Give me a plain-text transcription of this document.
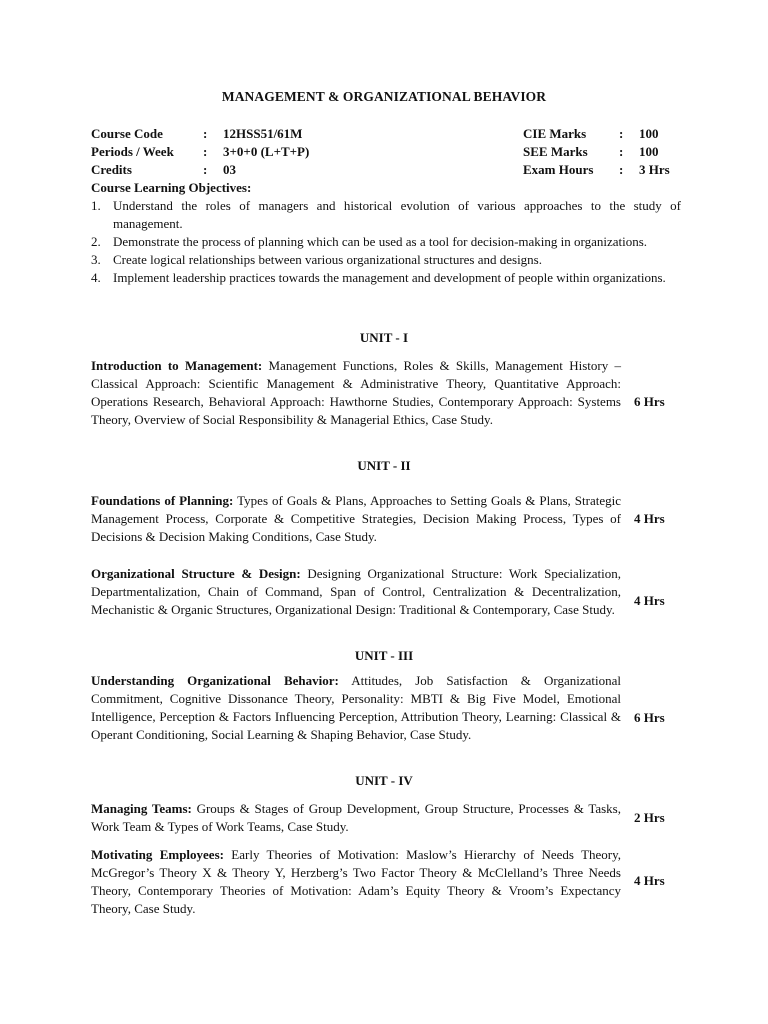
MANAGEMENT & ORGANIZATIONAL BEHAVIOR
Course Code	: 12HSS51/61M	CIE Marks	: 100
Periods / Week : 3+0+0 (L+T+P)	SEE Marks : 100
Credits	: 03	Exam Hours : 3 Hrs
Course Learning Objectives:
1. Understand the roles of managers and historical evolution of various approaches to the study of management.
2. Demonstrate the process of planning which can be used as a tool for decision-making in organizations.
3. Create logical relationships between various organizational structures and designs.
4. Implement leadership practices towards the management and development of people within organizations.
UNIT - I
Introduction to Management: Management Functions, Roles & Skills, Management History – Classical Approach: Scientific Management & Administrative Theory, Quantitative Approach: Operations Research, Behavioral Approach: Hawthorne Studies, Contemporary Approach: Systems Theory, Overview of Social Responsibility & Managerial Ethics, Case Study.
6 Hrs
UNIT - II
Foundations of Planning: Types of Goals & Plans, Approaches to Setting Goals & Plans, Strategic Management Process, Corporate & Competitive Strategies, Decision Making Process, Types of Decisions & Decision Making Conditions, Case Study.
4 Hrs
Organizational Structure & Design: Designing Organizational Structure: Work Specialization, Departmentalization, Chain of Command, Span of Control, Centralization & Decentralization, Mechanistic & Organic Structures, Organizational Design: Traditional & Contemporary, Case Study.
4 Hrs
UNIT - III
Understanding Organizational Behavior: Attitudes, Job Satisfaction & Organizational Commitment, Cognitive Dissonance Theory, Personality: MBTI & Big Five Model, Emotional Intelligence, Perception & Factors Influencing Perception, Attribution Theory, Learning: Classical & Operant Conditioning, Social Learning & Shaping Behavior, Case Study.
6 Hrs
UNIT - IV
Managing Teams: Groups & Stages of Group Development, Group Structure, Processes & Tasks, Work Team & Types of Work Teams, Case Study.
2 Hrs
Motivating Employees: Early Theories of Motivation: Maslow’s Hierarchy of Needs Theory, McGregor’s Theory X & Theory Y, Herzberg’s Two Factor Theory & McClelland’s Three Needs Theory, Contemporary Theories of Motivation: Adam’s Equity Theory & Vroom’s Expectancy Theory, Case Study.
4 Hrs
